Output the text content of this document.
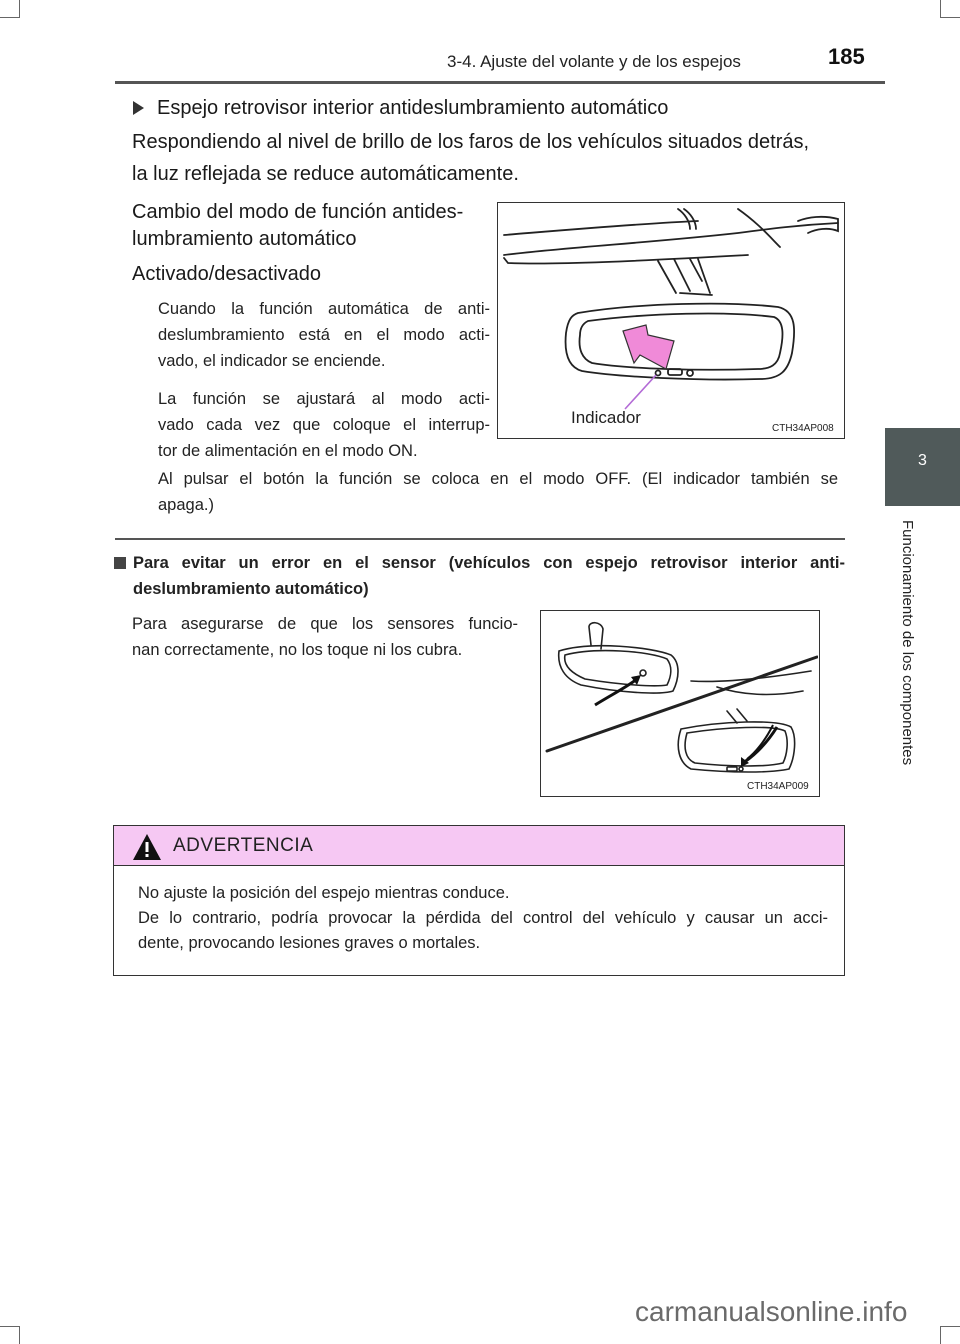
3-4. Ajuste del volante y de los espejos	185
3
Funcionamiento de los componentes

Espejo retrovisor interior antideslumbramiento automático

Respondiendo al nivel de brillo de los faros de los vehículos situados detrás,

la luz reflejada se reduce automáticamente.

Cambio del modo de función antides-

lumbramiento automático

Activado/desactivado

Cuando la función automática de anti-

deslumbramiento está en el modo acti-

vado, el indicador se enciende.

La función se ajustará al modo acti-

vado cada vez que coloque el interrup-

tor de alimentación en el modo ON.

Al pulsar el botón la función se coloca en el modo OFF. (El indicador también se

apaga.)

Indicador
CTH34AP008

Para evitar un error en el sensor (vehículos con espejo retrovisor interior anti-

deslumbramiento automático)

Para asegurarse de que los sensores funcio-

nan correctamente, no los toque ni los cubra.

CTH34AP009
ADVERTENCIA
No ajuste la posición del espejo mientras conduce.
De lo contrario, podría provocar la pérdida del control del vehículo y causar un acci-
dente, provocando lesiones graves o mortales.
carmanualsonline.info
